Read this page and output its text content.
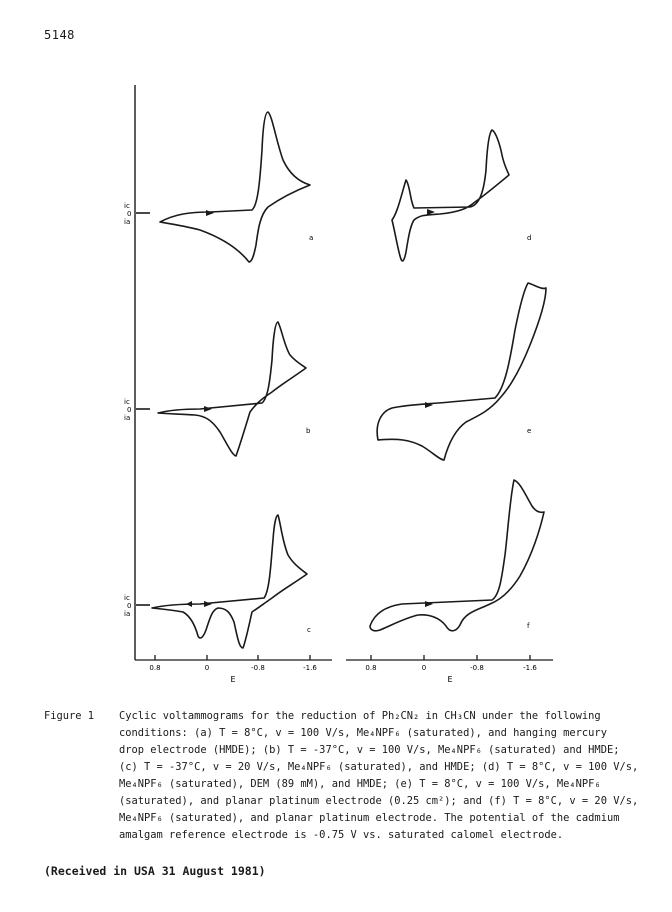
5148
0.8	0	-0.8	-1.6
E
0.8	0	-0.8	-1.6
E
ic
0
ia
a
ic
0
ia
b
ic
0
ia
c
d
e
f
Figure 1 Cyclic voltammograms for the reduction of Ph₂CN₂ in CH₃CN under the following
conditions: (a) T = 8°C, v = 100 V/s, Me₄NPF₆ (saturated), and hanging mercury
drop electrode (HMDE); (b) T = -37°C, v = 100 V/s, Me₄NPF₆ (saturated) and HMDE;
(c) T = -37°C, v = 20 V/s, Me₄NPF₆ (saturated), and HMDE; (d) T = 8°C, v = 100 V/s,
Me₄NPF₆ (saturated), DEM (89 mM), and HMDE; (e) T = 8°C, v = 100 V/s, Me₄NPF₆
(saturated), and planar platinum electrode (0.25 cm²); and (f) T = 8°C, v = 20 V/s,
Me₄NPF₆ (saturated), and planar platinum electrode. The potential of the cadmium
amalgam reference electrode is -0.75 V vs. saturated calomel electrode.
(Received in USA 31 August 1981)
